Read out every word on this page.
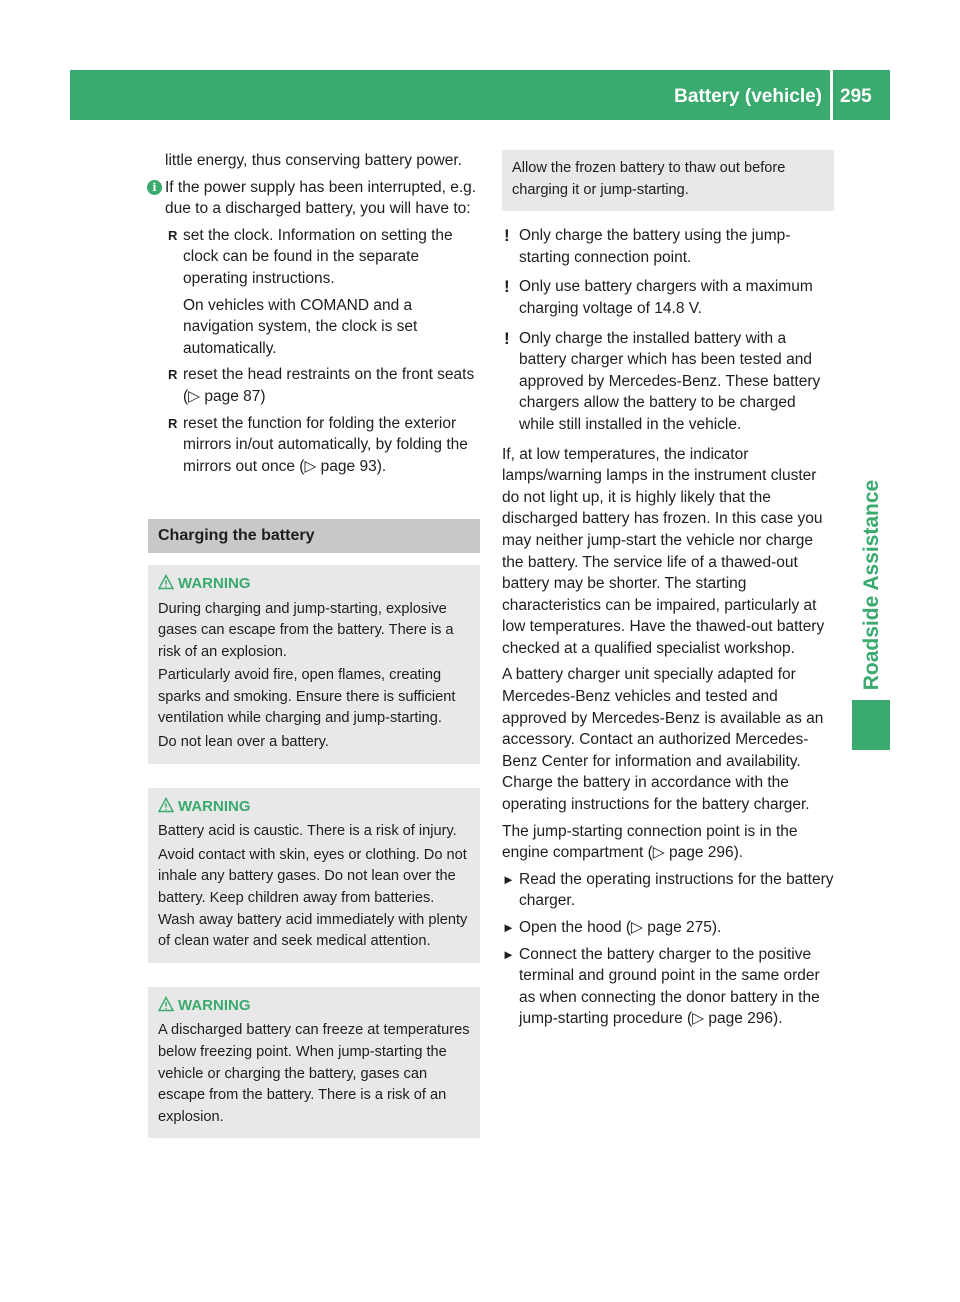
Battery (vehicle) 295
Roadside Assistance

little energy, thus conserving battery power.

i If the power supply has been interrupted, e.g. due to a discharged battery, you will have to:
R set the clock. Information on setting the clock can be found in the separate operating instructions.

On vehicles with COMAND and a navigation system, the clock is set automatically.

R reset the head restraints on the front seats (▷ page 87)
R reset the function for folding the exterior mirrors in/out automatically, by folding the mirrors out once (▷ page 93).
Charging the battery
WARNING

During charging and jump-starting, explosive gases can escape from the battery. There is a risk of an explosion.

Particularly avoid fire, open flames, creating sparks and smoking. Ensure there is sufficient ventilation while charging and jump-starting.

Do not lean over a battery.

WARNING

Battery acid is caustic. There is a risk of injury.

Avoid contact with skin, eyes or clothing. Do not inhale any battery gases. Do not lean over the battery. Keep children away from batteries. Wash away battery acid immediately with plenty of clean water and seek medical attention.

WARNING

A discharged battery can freeze at temperatures below freezing point. When jump-starting the vehicle or charging the battery, gases can escape from the battery. There is a risk of an explosion.

Allow the frozen battery to thaw out before charging it or jump-starting.

! Only charge the battery using the jump-starting connection point.
! Only use battery chargers with a maximum charging voltage of 14.8 V.
! Only charge the installed battery with a battery charger which has been tested and approved by Mercedes-Benz. These battery chargers allow the battery to be charged while still installed in the vehicle.

If, at low temperatures, the indicator lamps/warning lamps in the instrument cluster do not light up, it is highly likely that the discharged battery has frozen. In this case you may neither jump-start the vehicle nor charge the battery. The service life of a thawed-out battery may be shorter. The starting characteristics can be impaired, particularly at low temperatures. Have the thawed-out battery checked at a qualified specialist workshop.

A battery charger unit specially adapted for Mercedes-Benz vehicles and tested and approved by Mercedes-Benz is available as an accessory. Contact an authorized Mercedes-Benz Center for information and availability. Charge the battery in accordance with the operating instructions for the battery charger.

The jump-starting connection point is in the engine compartment (▷ page 296).

► Read the operating instructions for the battery charger.
► Open the hood (▷ page 275).
► Connect the battery charger to the positive terminal and ground point in the same order as when connecting the donor battery in the jump-starting procedure (▷ page 296).
